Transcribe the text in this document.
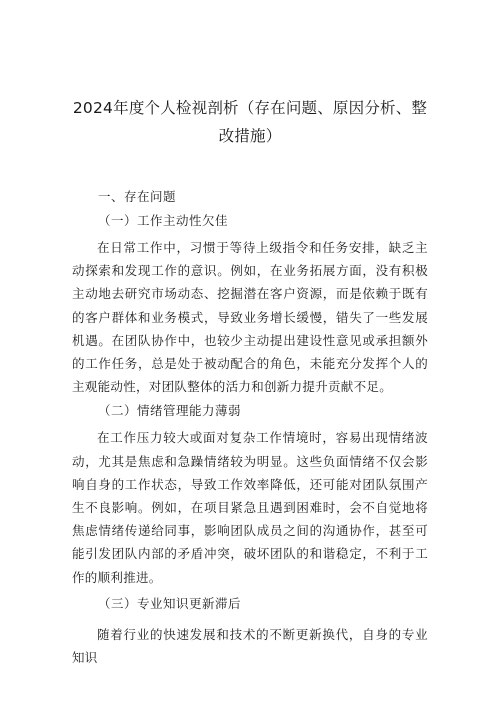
2024年度个人检视剖析（存在问题、原因分析、整改措施）
一、存在问题
（一）工作主动性欠佳

在日常工作中，习惯于等待上级指令和任务安排，缺乏主动探索和发现工作的意识。例如，在业务拓展方面，没有积极主动地去研究市场动态、挖掘潜在客户资源，而是依赖于既有的客户群体和业务模式，导致业务增长缓慢，错失了一些发展机遇。在团队协作中，也较少主动提出建设性意见或承担额外的工作任务，总是处于被动配合的角色，未能充分发挥个人的主观能动性，对团队整体的活力和创新力提升贡献不足。

（二）情绪管理能力薄弱

在工作压力较大或面对复杂工作情境时，容易出现情绪波动，尤其是焦虑和急躁情绪较为明显。这些负面情绪不仅会影响自身的工作状态，导致工作效率降低，还可能对团队氛围产生不良影响。例如，在项目紧急且遇到困难时，会不自觉地将焦虑情绪传递给同事，影响团队成员之间的沟通协作，甚至可能引发团队内部的矛盾冲突，破坏团队的和谐稳定，不利于工作的顺利推进。

（三）专业知识更新滞后

随着行业的快速发展和技术的不断更新换代，自身的专业知识
